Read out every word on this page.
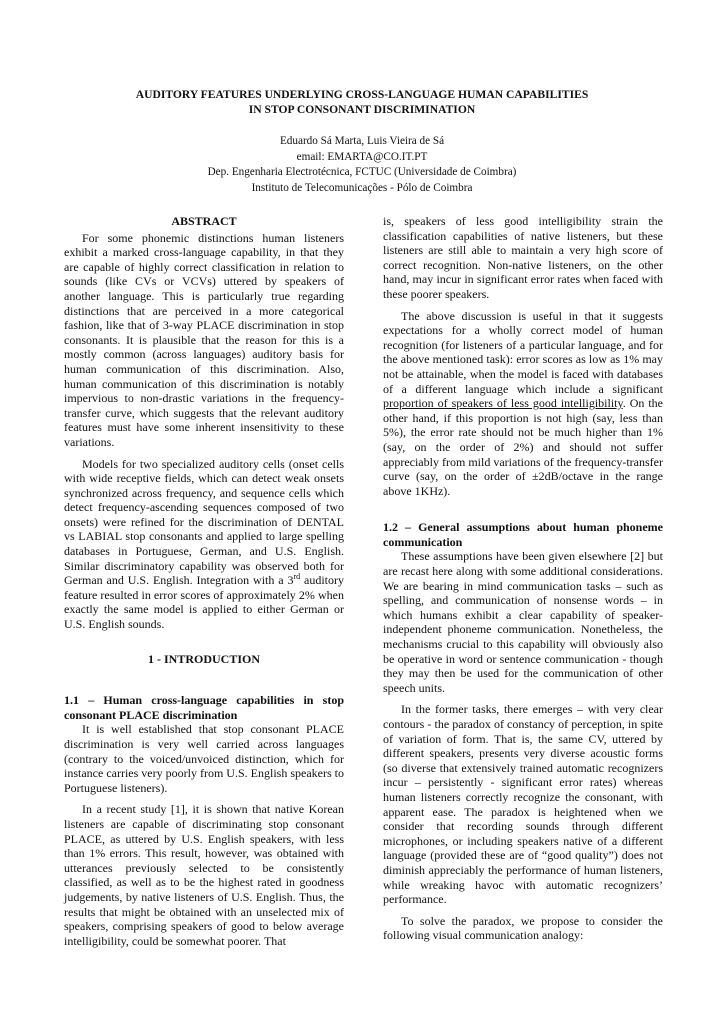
AUDITORY FEATURES UNDERLYING CROSS-LANGUAGE HUMAN CAPABILITIES
IN STOP CONSONANT DISCRIMINATION
Eduardo Sá Marta, Luis Vieira de Sá
email: EMARTA@CO.IT.PT
Dep. Engenharia Electrotécnica, FCTUC (Universidade de Coimbra)
Instituto de Telecomunicações - Pólo de Coimbra
ABSTRACT

For some phonemic distinctions human listeners exhibit a marked cross-language capability, in that they are capable of highly correct classification in relation to sounds (like CVs or VCVs) uttered by speakers of another language. This is particularly true regarding distinctions that are perceived in a more categorical fashion, like that of 3-way PLACE discrimination in stop consonants. It is plausible that the reason for this is a mostly common (across languages) auditory basis for human communication of this discrimination. Also, human communication of this discrimination is notably impervious to non-drastic variations in the frequency-transfer curve, which suggests that the relevant auditory features must have some inherent insensitivity to these variations.

Models for two specialized auditory cells (onset cells with wide receptive fields, which can detect weak onsets synchronized across frequency, and sequence cells which detect frequency-ascending sequences composed of two onsets) were refined for the discrimination of DENTAL vs LABIAL stop consonants and applied to large spelling databases in Portuguese, German, and U.S. English. Similar discriminatory capability was observed both for German and U.S. English. Integration with a 3rd auditory feature resulted in error scores of approximately 2% when exactly the same model is applied to either German or U.S. English sounds.

1 - INTRODUCTION
1.1 – Human cross-language capabilities in stop consonant PLACE discrimination

It is well established that stop consonant PLACE discrimination is very well carried across languages (contrary to the voiced/unvoiced distinction, which for instance carries very poorly from U.S. English speakers to Portuguese listeners).

In a recent study [1], it is shown that native Korean listeners are capable of discriminating stop consonant PLACE, as uttered by U.S. English speakers, with less than 1% errors. This result, however, was obtained with utterances previously selected to be consistently classified, as well as to be the highest rated in goodness judgements, by native listeners of U.S. English. Thus, the results that might be obtained with an unselected mix of speakers, comprising speakers of good to below average intelligibility, could be somewhat poorer. That

is, speakers of less good intelligibility strain the classification capabilities of native listeners, but these listeners are still able to maintain a very high score of correct recognition. Non-native listeners, on the other hand, may incur in significant error rates when faced with these poorer speakers.

The above discussion is useful in that it suggests expectations for a wholly correct model of human recognition (for listeners of a particular language, and for the above mentioned task): error scores as low as 1% may not be attainable, when the model is faced with databases of a different language which include a significant proportion of speakers of less good intelligibility. On the other hand, if this proportion is not high (say, less than 5%), the error rate should not be much higher than 1% (say, on the order of 2%) and should not suffer appreciably from mild variations of the frequency-transfer curve (say, on the order of ±2dB/octave in the range above 1KHz).

1.2 – General assumptions about human phoneme communication

These assumptions have been given elsewhere [2] but are recast here along with some additional considerations. We are bearing in mind communication tasks – such as spelling, and communication of nonsense words – in which humans exhibit a clear capability of speaker-independent phoneme communication. Nonetheless, the mechanisms crucial to this capability will obviously also be operative in word or sentence communication - though they may then be used for the communication of other speech units.

In the former tasks, there emerges – with very clear contours - the paradox of constancy of perception, in spite of variation of form. That is, the same CV, uttered by different speakers, presents very diverse acoustic forms (so diverse that extensively trained automatic recognizers incur – persistently - significant error rates) whereas human listeners correctly recognize the consonant, with apparent ease. The paradox is heightened when we consider that recording sounds through different microphones, or including speakers native of a different language (provided these are of “good quality”) does not diminish appreciably the performance of human listeners, while wreaking havoc with automatic recognizers’ performance.

To solve the paradox, we propose to consider the following visual communication analogy:
